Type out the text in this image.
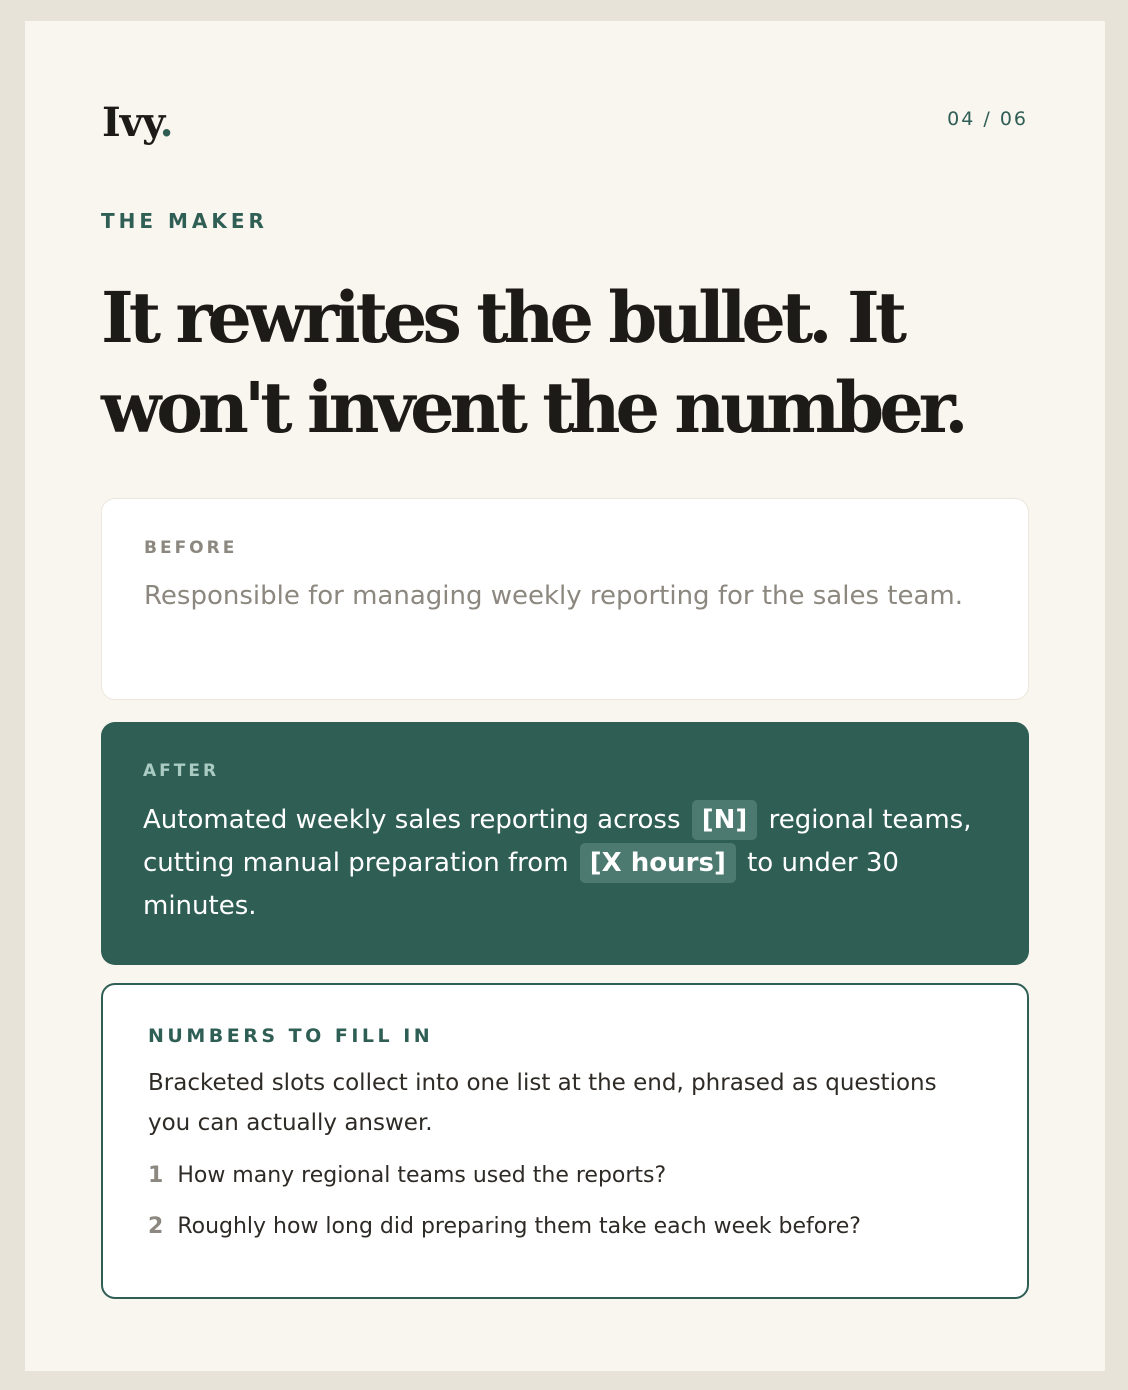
Ivy.	04 / 06
THE MAKER
It rewrites the bullet. It won't invent the number.
BEFORE
Responsible for managing weekly reporting for the sales team.
AFTER
Automated weekly sales reporting across [N] regional teams, cutting manual preparation from [X hours] to under 30 minutes.
NUMBERS TO FILL IN
Bracketed slots collect into one list at the end, phrased as questions you can actually answer.
1 How many regional teams used the reports?
2 Roughly how long did preparing them take each week before?
